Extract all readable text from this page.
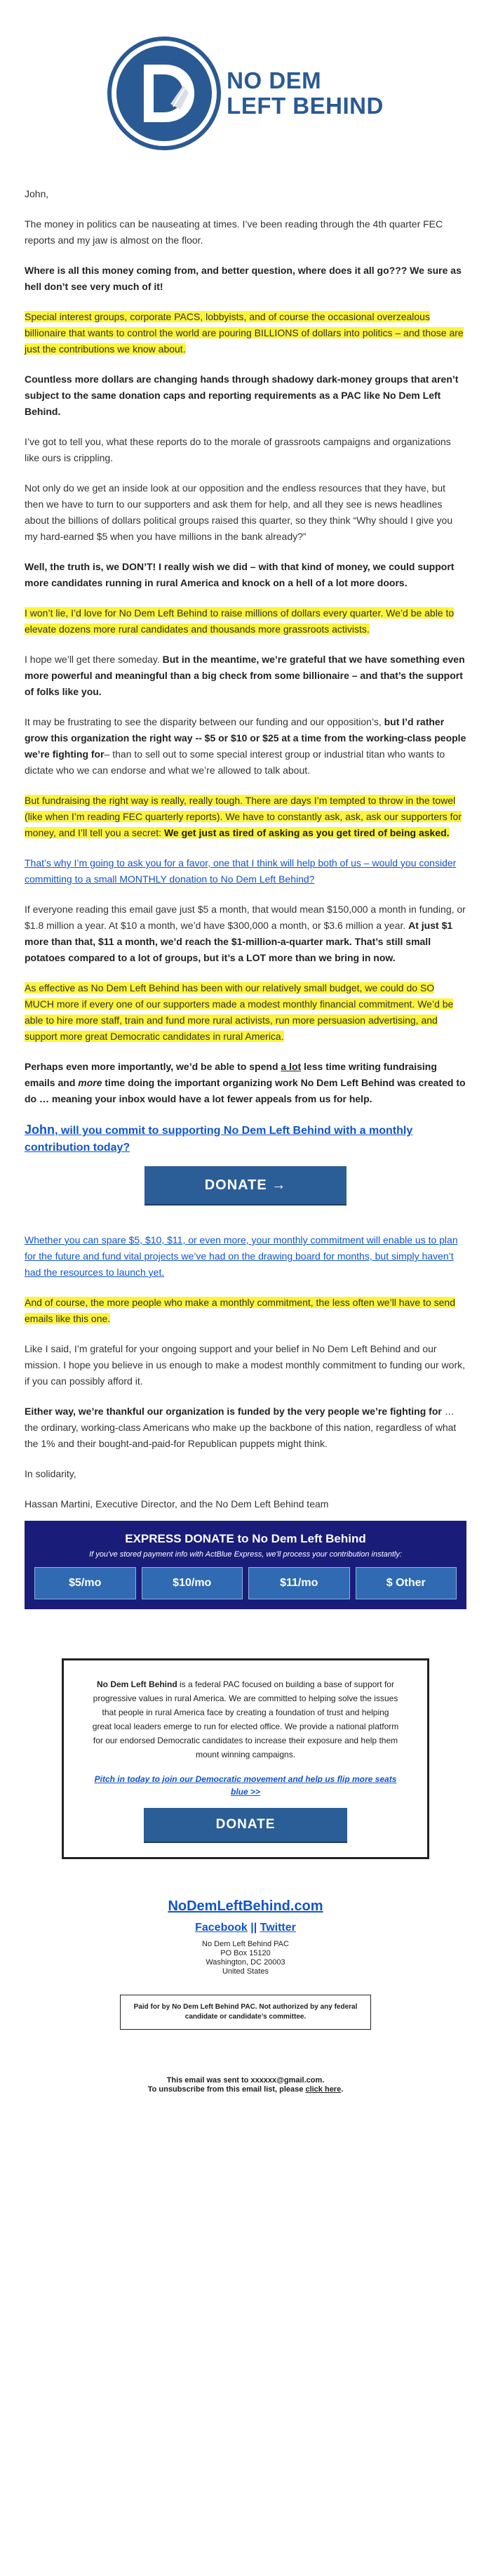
NO DEM
LEFT BEHIND

John,

The money in politics can be nauseating at times. I’ve been reading through the 4th quarter FEC reports and my jaw is almost on the floor.

Where is all this money coming from, and better question, where does it all go??? We sure as hell don’t see very much of it!

Special interest groups, corporate PACS, lobbyists, and of course the occasional overzealous billionaire that wants to control the world are pouring BILLIONS of dollars into politics – and those are just the contributions we know about.

Countless more dollars are changing hands through shadowy dark-money groups that aren’t subject to the same donation caps and reporting requirements as a PAC like No Dem Left Behind.

I’ve got to tell you, what these reports do to the morale of grassroots campaigns and organizations like ours is crippling.

Not only do we get an inside look at our opposition and the endless resources that they have, but then we have to turn to our supporters and ask them for help, and all they see is news headlines about the billions of dollars political groups raised this quarter, so they think “Why should I give you my hard-earned $5 when you have millions in the bank already?”

Well, the truth is, we DON’T! I really wish we did – with that kind of money, we could support more candidates running in rural America and knock on a hell of a lot more doors.

I won’t lie, I’d love for No Dem Left Behind to raise millions of dollars every quarter. We’d be able to elevate dozens more rural candidates and thousands more grassroots activists.

I hope we’ll get there someday. But in the meantime, we’re grateful that we have something even more powerful and meaningful than a big check from some billionaire – and that’s the support of folks like you.

It may be frustrating to see the disparity between our funding and our opposition’s, but I’d rather grow this organization the right way -- $5 or $10 or $25 at a time from the working-class people we’re fighting for– than to sell out to some special interest group or industrial titan who wants to dictate who we can endorse and what we’re allowed to talk about.

But fundraising the right way is really, really tough. There are days I’m tempted to throw in the towel (like when I’m reading FEC quarterly reports). We have to constantly ask, ask, ask our supporters for money, and I’ll tell you a secret: We get just as tired of asking as you get tired of being asked.

That’s why I’m going to ask you for a favor, one that I think will help both of us – would you consider committing to a small MONTHLY donation to No Dem Left Behind?

If everyone reading this email gave just $5 a month, that would mean $150,000 a month in funding, or $1.8 million a year. At $10 a month, we’d have $300,000 a month, or $3.6 million a year. At just $1 more than that, $11 a month, we’d reach the $1-million-a-quarter mark. That’s still small potatoes compared to a lot of groups, but it’s a LOT more than we bring in now.

As effective as No Dem Left Behind has been with our relatively small budget, we could do SO MUCH more if every one of our supporters made a modest monthly financial commitment. We’d be able to hire more staff, train and fund more rural activists, run more persuasion advertising, and support more great Democratic candidates in rural America.

Perhaps even more importantly, we’d be able to spend a lot less time writing fundraising emails and more time doing the important organizing work No Dem Left Behind was created to do … meaning your inbox would have a lot fewer appeals from us for help.

John, will you commit to supporting No Dem Left Behind with a monthly contribution today?

DONATE →

Whether you can spare $5, $10, $11, or even more, your monthly commitment will enable us to plan for the future and fund vital projects we’ve had on the drawing board for months, but simply haven’t had the resources to launch yet.

And of course, the more people who make a monthly commitment, the less often we’ll have to send emails like this one.

Like I said, I’m grateful for your ongoing support and your belief in No Dem Left Behind and our mission. I hope you believe in us enough to make a modest monthly commitment to funding our work, if you can possibly afford it.

Either way, we’re thankful our organization is funded by the very people we’re fighting for … the ordinary, working-class Americans who make up the backbone of this nation, regardless of what the 1% and their bought-and-paid-for Republican puppets might think.

In solidarity,

Hassan Martini, Executive Director, and the No Dem Left Behind team

EXPRESS DONATE to No Dem Left Behind
If you've stored payment info with ActBlue Express, we'll process your contribution instantly:
$5/mo	$10/mo	$11/mo	$ Other
No Dem Left Behind is a federal PAC focused on building a base of support for progressive values in rural America. We are committed to helping solve the issues that people in rural America face by creating a foundation of trust and helping great local leaders emerge to run for elected office. We provide a national platform for our endorsed Democratic candidates to increase their exposure and help them mount winning campaigns.
Pitch in today to join our Democratic movement and help us flip more seats blue >>
DONATE
NoDemLeftBehind.com
Facebook || Twitter
No Dem Left Behind PAC
PO Box 15120
Washington, DC 20003
United States
Paid for by No Dem Left Behind PAC. Not authorized by any federal candidate or candidate’s committee.
This email was sent to xxxxxx@gmail.com.
To unsubscribe from this email list, please click here.
